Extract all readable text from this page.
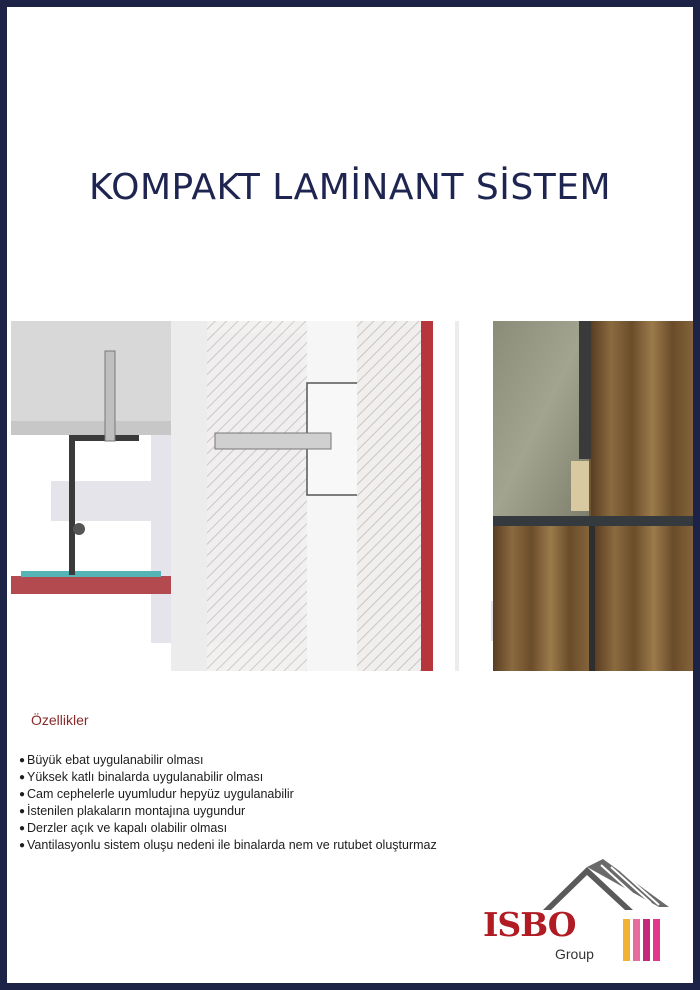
KOMPAKT LAMİNANT SİSTEM
Özellikler
● Büyük ebat uygulanabilir olması
● Yüksek katlı binalarda uygulanabilir olması
● Cam cephelerle uyumludur hepyüz uygulanabilir
● İstenilen plakaların montajına uygundur
● Derzler açık ve kapalı olabilir olması
● Vantilasyonlu sistem oluşu nedeni ile binalarda nem ve rutubet oluşturmaz
ISBO
Group
